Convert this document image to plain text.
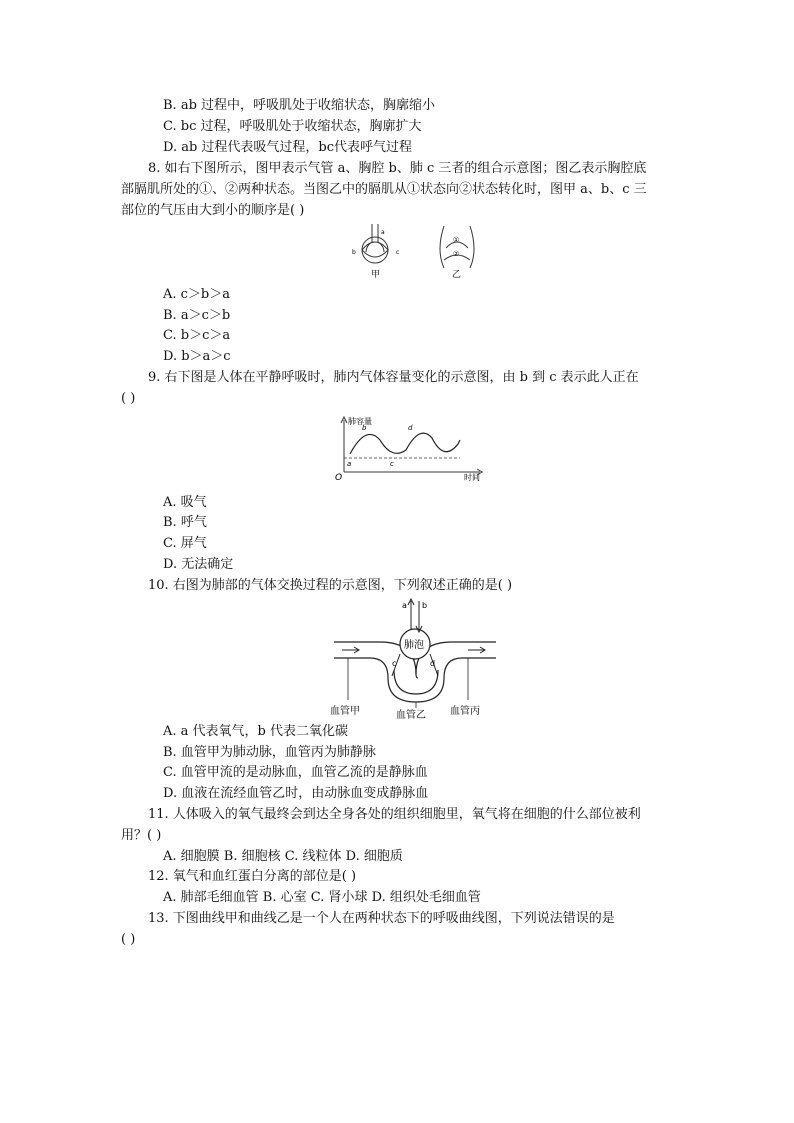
B. ab 过程中，呼吸肌处于收缩状态，胸廓缩小
C. bc 过程，呼吸肌处于收缩状态，胸廓扩大
D. ab 过程代表吸气过程，bc代表呼气过程
8. 如右下图所示，图甲表示气管 a、胸腔 b、肺 c 三者的组合示意图；图乙表示胸腔底
部膈肌所处的①、②两种状态。当图乙中的膈肌从①状态向②状态转化时，图甲 a、b、c 三
部位的气压由大到小的顺序是( )
a
b	c
甲
①
②
乙
A. c＞b＞a
B. a＞c＞b
C. b＞c＞a
D. b＞a＞c
9. 右下图是人体在平静呼吸时，肺内气体容量变化的示意图，由 b 到 c 表示此人正在
( )
肺容量
时间
O
a
b
c
d
A. 吸气
B. 呼气
C. 屏气
D. 无法确定
10. 右图为肺部的气体交换过程的示意图，下列叙述正确的是( )
肺泡
a b
c	d
血管甲	血管乙 血管丙
A. a 代表氧气，b 代表二氧化碳
B. 血管甲为肺动脉，血管丙为肺静脉
C. 血管甲流的是动脉血，血管乙流的是静脉血
D. 血液在流经血管乙时，由动脉血变成静脉血
11. 人体吸入的氧气最终会到达全身各处的组织细胞里，氧气将在细胞的什么部位被利
用？( )
A. 细胞膜 B. 细胞核 C. 线粒体 D. 细胞质
12. 氧气和血红蛋白分离的部位是( )
A. 肺部毛细血管 B. 心室 C. 肾小球 D. 组织处毛细血管
13. 下图曲线甲和曲线乙是一个人在两种状态下的呼吸曲线图，下列说法错误的是
( )
